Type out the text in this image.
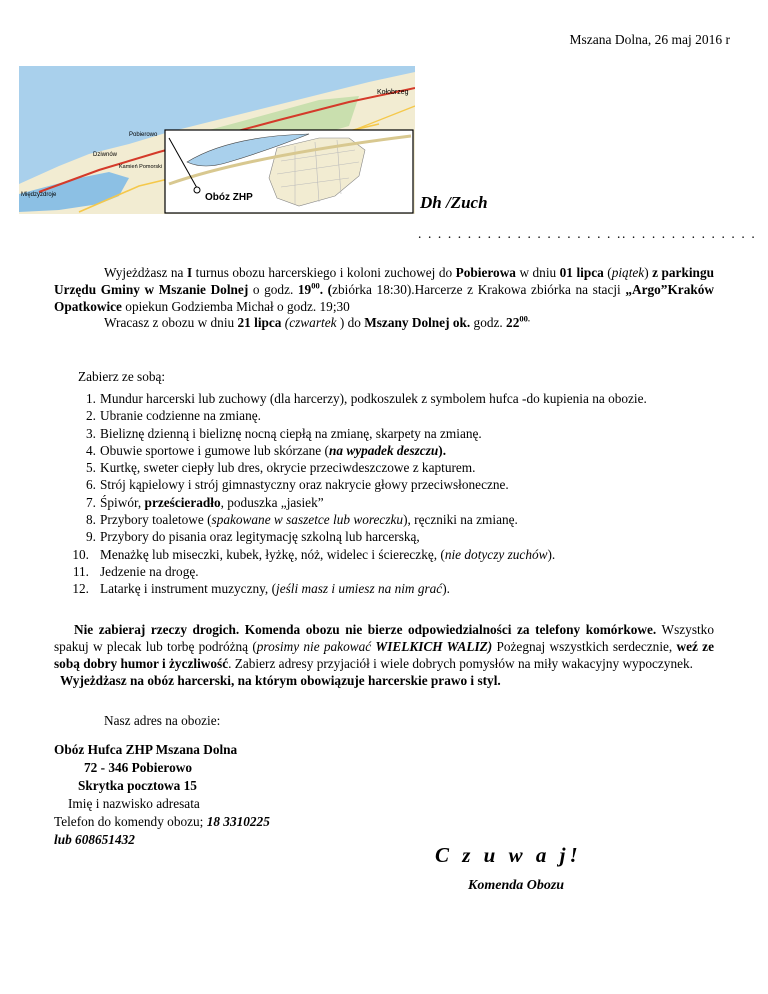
Mszana Dolna, 26 maj 2016 r
Obóz ZHP
Kołobrzeg
Pobierowo
Dziwnów
Kamień Pomorski
Międzyzdroje	Dh /Zuch
. . . . . . . . . . . . . . . . . . . . .. . . . . . . . . . . . . .
Wyjeżdżasz na I turnus obozu harcerskiego i koloni zuchowej do Pobierowa w dniu 01 lipca (piątek) z parkingu Urzędu Gminy w Mszanie Dolnej o godz. $19^{00}$. (zbiórka 18:30).Harcerze z Krakowa zbiórka na stacji „Argo”Kraków Opatkowice opiekun Godziemba Michał o godz. 19;30
Wracasz z obozu w dniu 21 lipca (czwartek ) do Mszany Dolnej ok. godz. $22^{00.}$
Zabierz ze sobą:
1. Mundur harcerski lub zuchowy (dla harcerzy), podkoszulek z symbolem hufca -do kupienia na obozie.
2. Ubranie codzienne na zmianę.
3. Bieliznę dzienną i bieliznę nocną ciepłą na zmianę, skarpety na zmianę.
4. Obuwie sportowe i gumowe lub skórzane (na wypadek deszczu).
5. Kurtkę, sweter ciepły lub dres, okrycie przeciwdeszczowe z kapturem.
6. Strój kąpielowy i strój gimnastyczny oraz nakrycie głowy przeciwsłoneczne.
7. Śpiwór, prześcieradło, poduszka „jasiek”
8. Przybory toaletowe (spakowane w saszetce lub woreczku), ręczniki na zmianę.
9. Przybory do pisania oraz legitymację szkolną lub harcerską,
10. Menażkę lub miseczki, kubek, łyżkę, nóż, widelec i ściereczkę, (nie dotyczy zuchów).
11. Jedzenie na drogę.
12. Latarkę i instrument muzyczny, (jeśli masz i umiesz na nim grać).
Nie zabieraj rzeczy drogich. Komenda obozu nie bierze odpowiedzialności za telefony komórkowe. Wszystko spakuj w plecak lub torbę podróżną (prosimy nie pakować WIELKICH WALIZ) Pożegnaj wszystkich serdecznie, weź ze sobą dobry humor i życzliwość. Zabierz adresy przyjaciół i wiele dobrych pomysłów na miły wakacyjny wypoczynek.
Wyjeżdżasz na obóz harcerski, na którym obowiązuje harcerskie prawo i styl.
Nasz adres na obozie:
Obóz Hufca ZHP Mszana Dolna
72 - 346 Pobierowo
Skrytka pocztowa 15
Imię i nazwisko adresata
Telefon do komendy obozu; 18 3310225
lub 608651432
C z u w a j!
Komenda Obozu
